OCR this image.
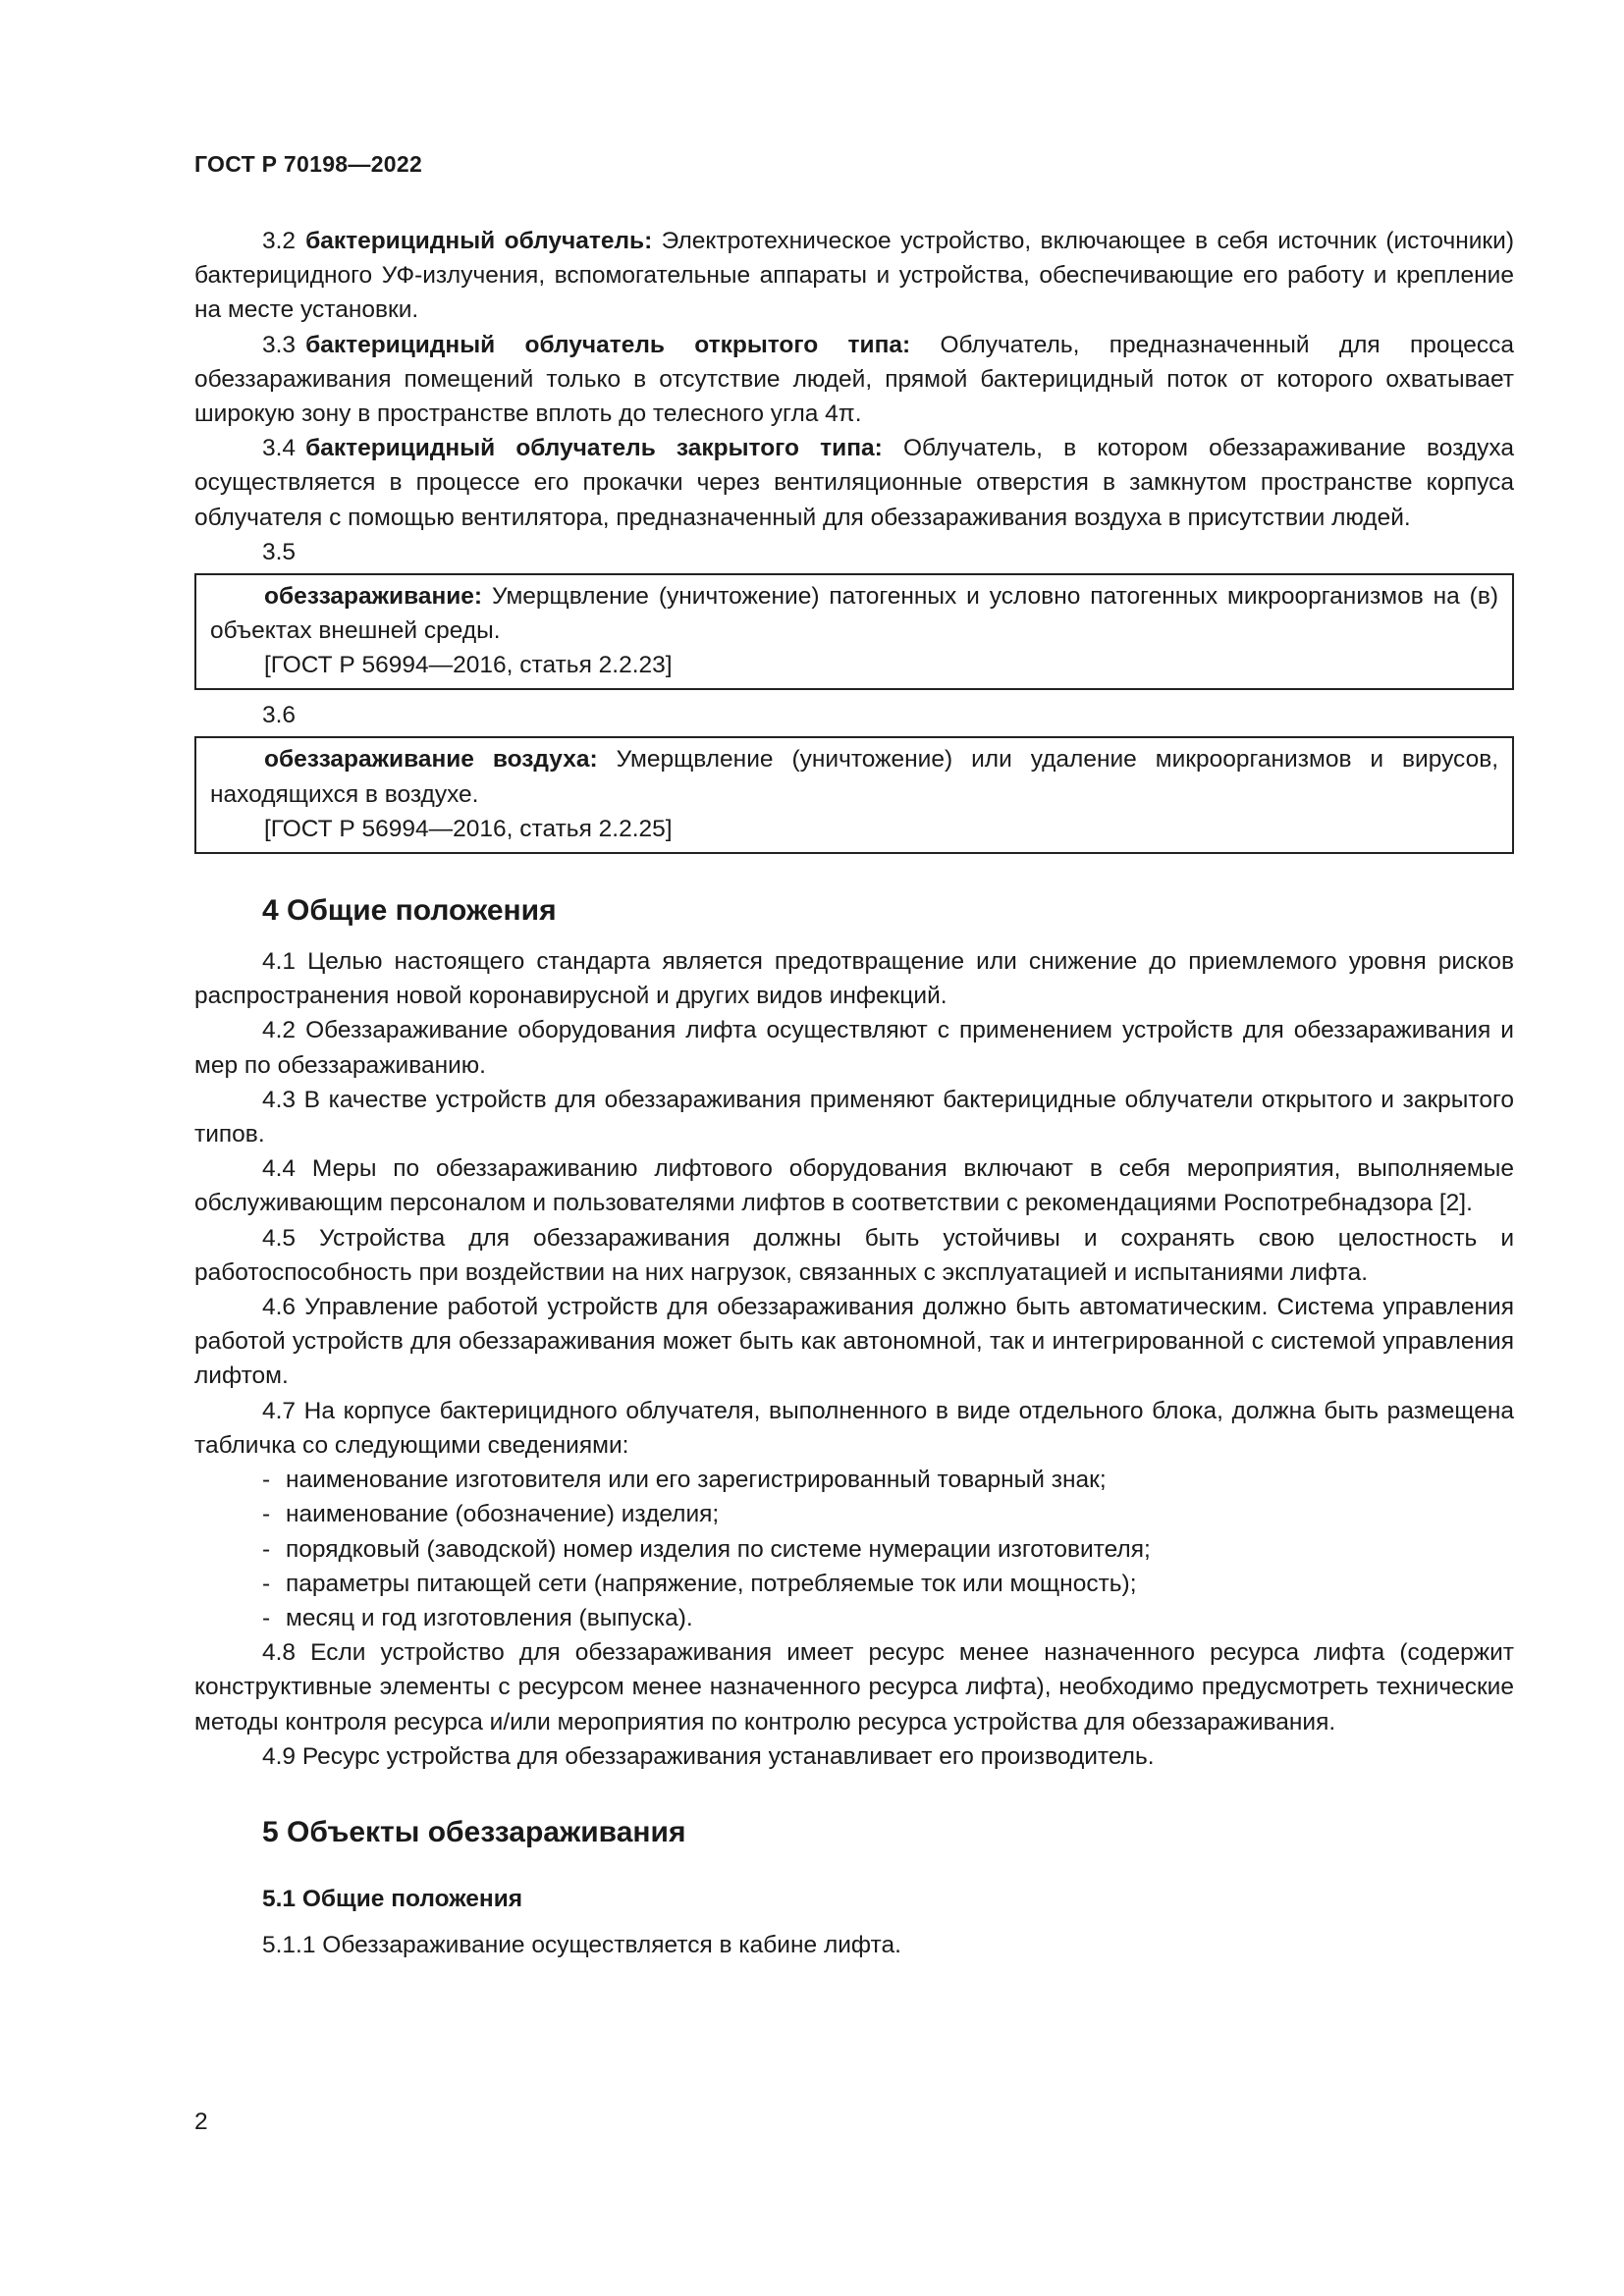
ГОСТ Р 70198—2022

3.2 бактерицидный облучатель: Электротехническое устройство, включающее в себя источник (источники) бактерицидного УФ-излучения, вспомогательные аппараты и устройства, обеспечивающие его работу и крепление на месте установки.

3.3 бактерицидный облучатель открытого типа: Облучатель, предназначенный для процесса обеззараживания помещений только в отсутствие людей, прямой бактерицидный поток от которого охватывает широкую зону в пространстве вплоть до телесного угла 4π.

3.4 бактерицидный облучатель закрытого типа: Облучатель, в котором обеззараживание воздуха осуществляется в процессе его прокачки через вентиляционные отверстия в замкнутом пространстве корпуса облучателя с помощью вентилятора, предназначенный для обеззараживания воздуха в присутствии людей.

3.5

обеззараживание: Умерщвление (уничтожение) патогенных и условно патогенных микроорганизмов на (в) объектах внешней среды.

[ГОСТ Р 56994—2016, статья 2.2.23]

3.6

обеззараживание воздуха: Умерщвление (уничтожение) или удаление микроорганизмов и вирусов, находящихся в воздухе.

[ГОСТ Р 56994—2016, статья 2.2.25]

4 Общие положения

4.1 Целью настоящего стандарта является предотвращение или снижение до приемлемого уровня рисков распространения новой коронавирусной и других видов инфекций.

4.2 Обеззараживание оборудования лифта осуществляют с применением устройств для обеззараживания и мер по обеззараживанию.

4.3 В качестве устройств для обеззараживания применяют бактерицидные облучатели открытого и закрытого типов.

4.4 Меры по обеззараживанию лифтового оборудования включают в себя мероприятия, выполняемые обслуживающим персоналом и пользователями лифтов в соответствии с рекомендациями Роспотребнадзора [2].

4.5 Устройства для обеззараживания должны быть устойчивы и сохранять свою целостность и работоспособность при воздействии на них нагрузок, связанных с эксплуатацией и испытаниями лифта.

4.6 Управление работой устройств для обеззараживания должно быть автоматическим. Система управления работой устройств для обеззараживания может быть как автономной, так и интегрированной с системой управления лифтом.

4.7 На корпусе бактерицидного облучателя, выполненного в виде отдельного блока, должна быть размещена табличка со следующими сведениями:

- наименование изготовителя или его зарегистрированный товарный знак;

- наименование (обозначение) изделия;

- порядковый (заводской) номер изделия по системе нумерации изготовителя;

- параметры питающей сети (напряжение, потребляемые ток или мощность);

- месяц и год изготовления (выпуска).

4.8 Если устройство для обеззараживания имеет ресурс менее назначенного ресурса лифта (содержит конструктивные элементы с ресурсом менее назначенного ресурса лифта), необходимо предусмотреть технические методы контроля ресурса и/или мероприятия по контролю ресурса устройства для обеззараживания.

4.9 Ресурс устройства для обеззараживания устанавливает его производитель.

5 Объекты обеззараживания

5.1 Общие положения

5.1.1 Обеззараживание осуществляется в кабине лифта.

2
